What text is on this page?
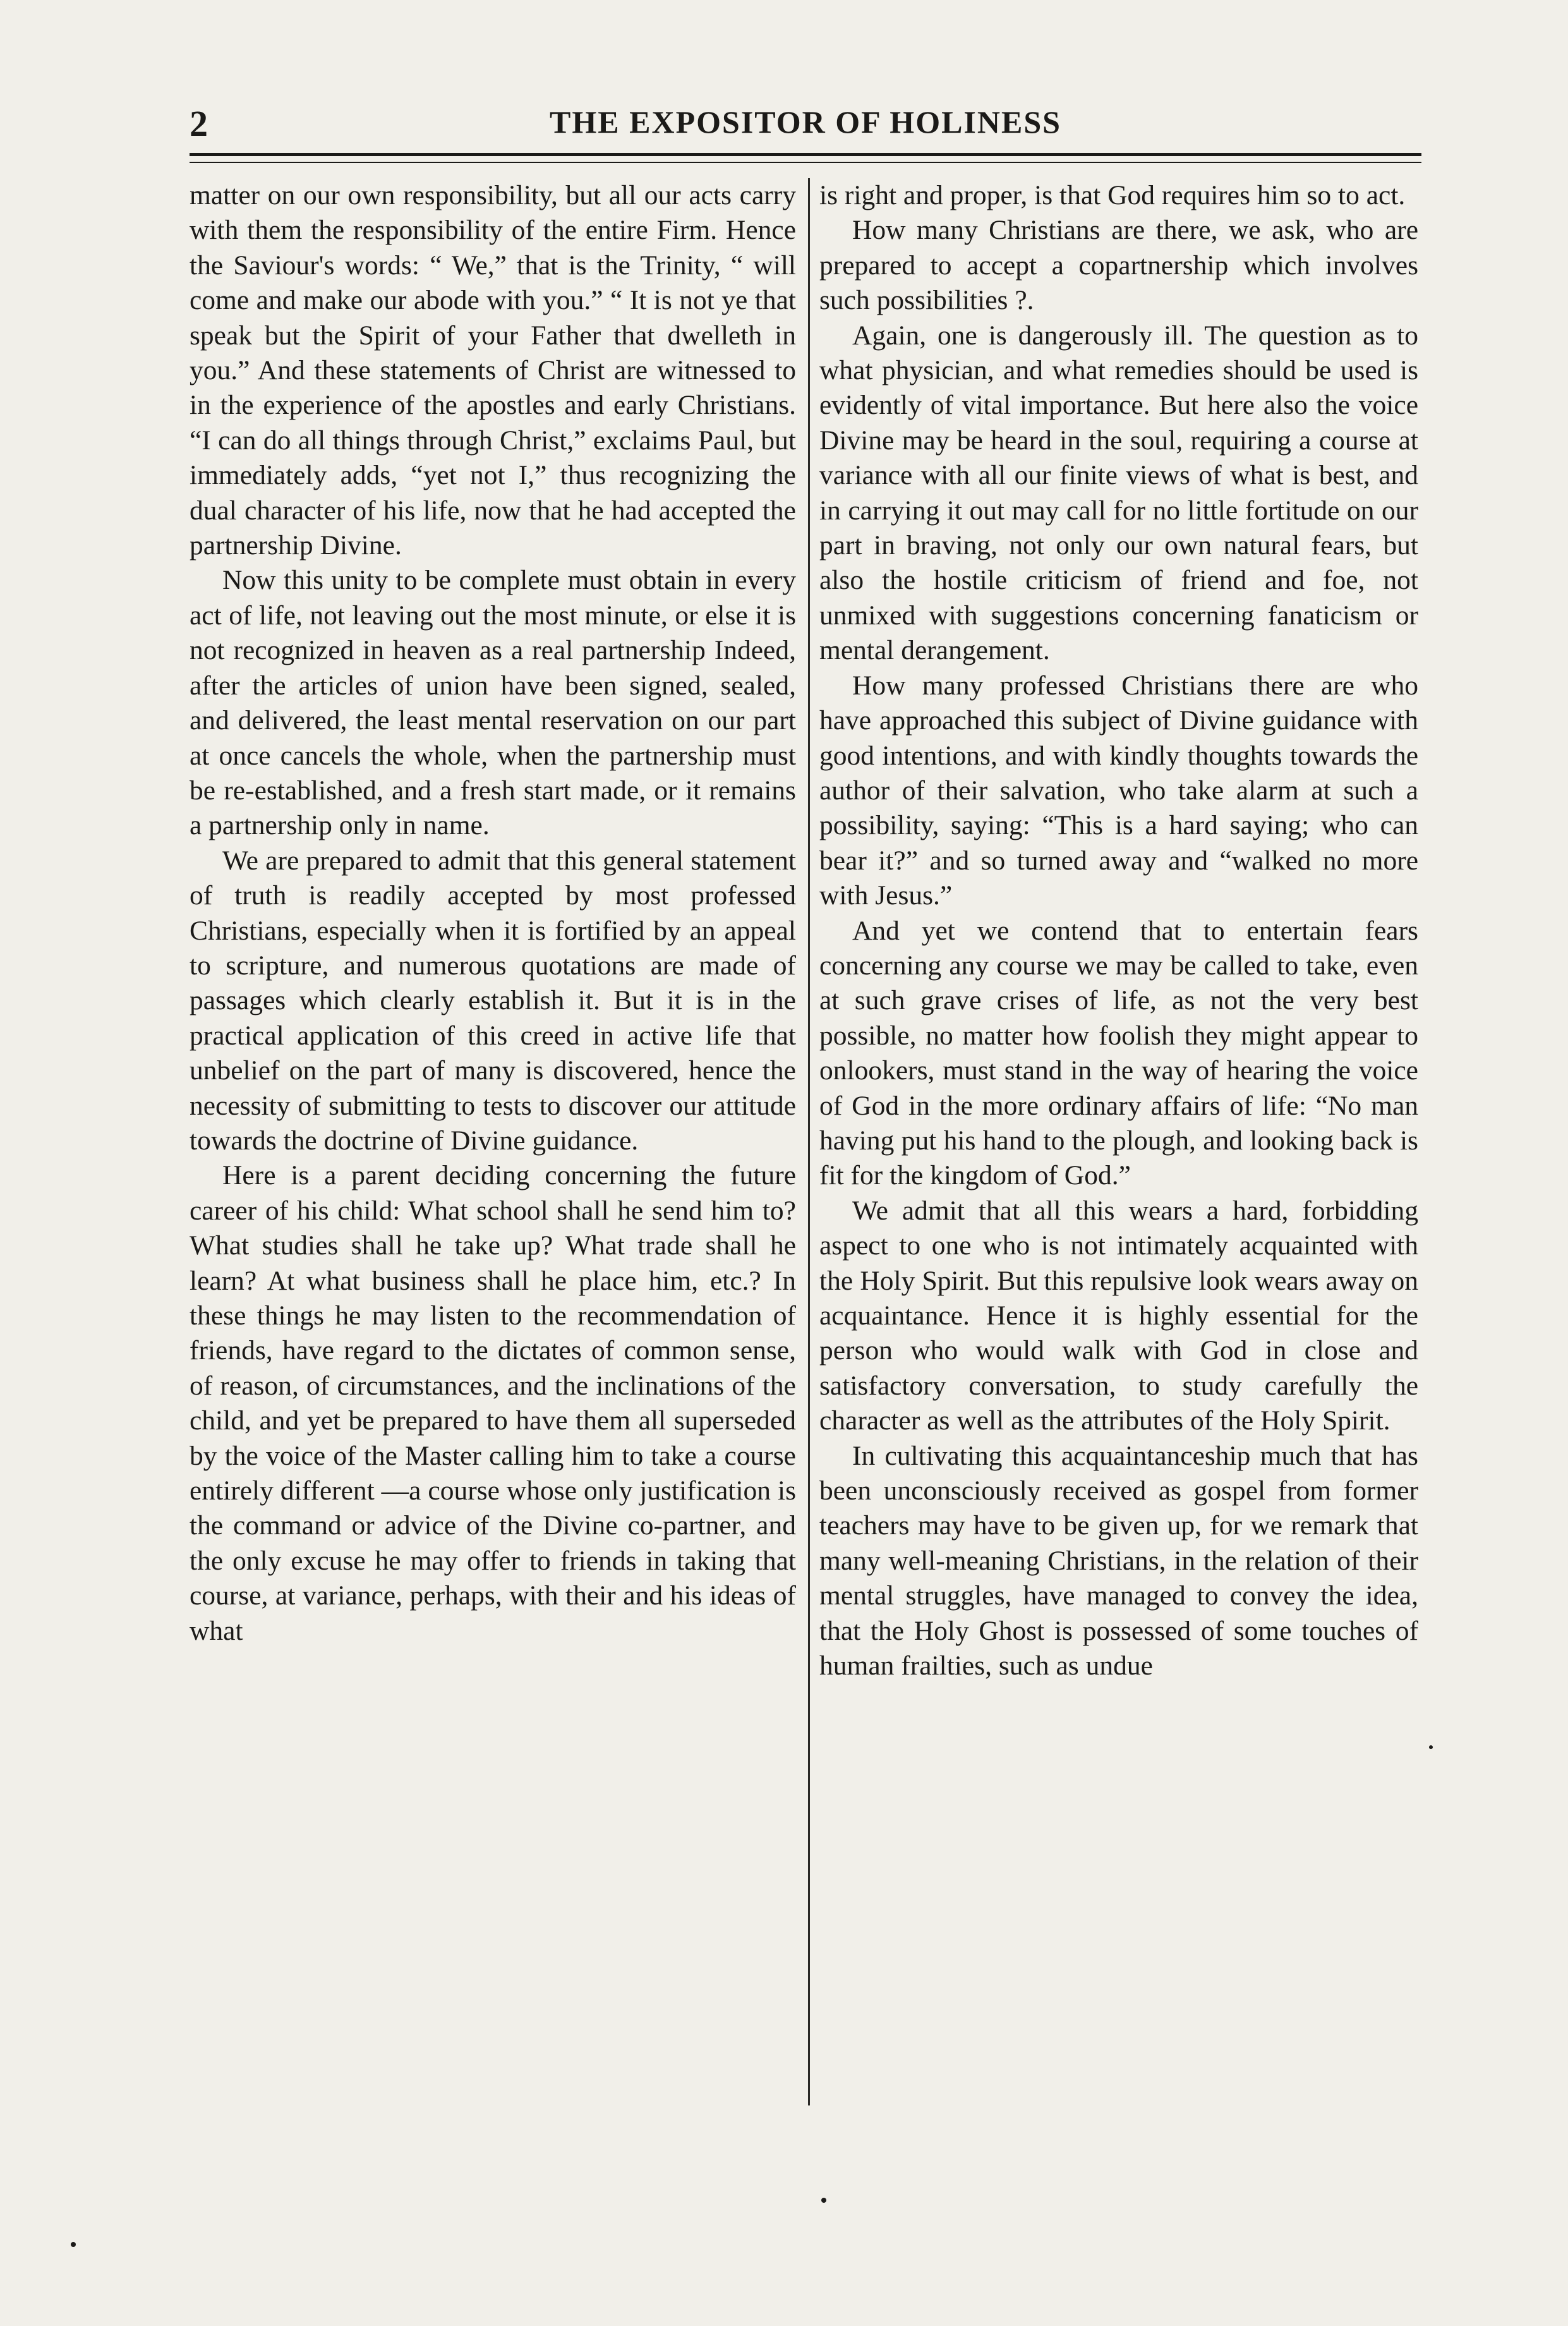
2	THE EXPOSITOR OF HOLINESS

matter on our own responsibility, but all our acts carry with them the responsibility of the entire Firm. Hence the Saviour's words: “ We,” that is the Trinity, “ will come and make our abode with you.” “ It is not ye that speak but the Spirit of your Father that dwelleth in you.” And these statements of Christ are witnessed to in the experience of the apostles and early Christians. “I can do all things through Christ,” exclaims Paul, but immediately adds, “yet not I,” thus recognizing the dual character of his life, now that he had accepted the partnership Divine.

Now this unity to be complete must obtain in every act of life, not leaving out the most minute, or else it is not recognized in heaven as a real partnership Indeed, after the articles of union have been signed, sealed, and delivered, the least mental reservation on our part at once cancels the whole, when the partnership must be re-established, and a fresh start made, or it remains a partnership only in name.

We are prepared to admit that this general statement of truth is readily accepted by most professed Christians, especially when it is fortified by an appeal to scripture, and numerous quotations are made of passages which clearly establish it. But it is in the practical application of this creed in active life that unbelief on the part of many is discovered, hence the necessity of submitting to tests to discover our attitude towards the doctrine of Divine guidance.

Here is a parent deciding concerning the future career of his child: What school shall he send him to? What studies shall he take up? What trade shall he learn? At what business shall he place him, etc.? In these things he may listen to the recommendation of friends, have regard to the dictates of common sense, of reason, of circumstances, and the inclinations of the child, and yet be prepared to have them all superseded by the voice of the Master calling him to take a course entirely different —a course whose only justification is the command or advice of the Divine co-partner, and the only excuse he may offer to friends in taking that course, at variance, perhaps, with their and his ideas of what

is right and proper, is that God requires him so to act.

How many Christians are there, we ask, who are prepared to accept a copartnership which involves such possibilities ?.

Again, one is dangerously ill. The question as to what physician, and what remedies should be used is evidently of vital importance. But here also the voice Divine may be heard in the soul, requiring a course at variance with all our finite views of what is best, and in carrying it out may call for no little fortitude on our part in braving, not only our own natural fears, but also the hostile criticism of friend and foe, not unmixed with suggestions concerning fanaticism or mental derangement.

How many professed Christians there are who have approached this subject of Divine guidance with good intentions, and with kindly thoughts towards the author of their salvation, who take alarm at such a possibility, saying: “This is a hard saying; who can bear it?” and so turned away and “walked no more with Jesus.”

And yet we contend that to entertain fears concerning any course we may be called to take, even at such grave crises of life, as not the very best possible, no matter how foolish they might appear to onlookers, must stand in the way of hearing the voice of God in the more ordinary affairs of life: “No man having put his hand to the plough, and looking back is fit for the kingdom of God.”

We admit that all this wears a hard, forbidding aspect to one who is not intimately acquainted with the Holy Spirit. But this repulsive look wears away on acquaintance. Hence it is highly essential for the person who would walk with God in close and satisfactory conversation, to study carefully the character as well as the attributes of the Holy Spirit.

In cultivating this acquaintanceship much that has been unconsciously received as gospel from former teachers may have to be given up, for we remark that many well-meaning Christians, in the relation of their mental struggles, have managed to convey the idea, that the Holy Ghost is possessed of some touches of human frailties, such as undue
